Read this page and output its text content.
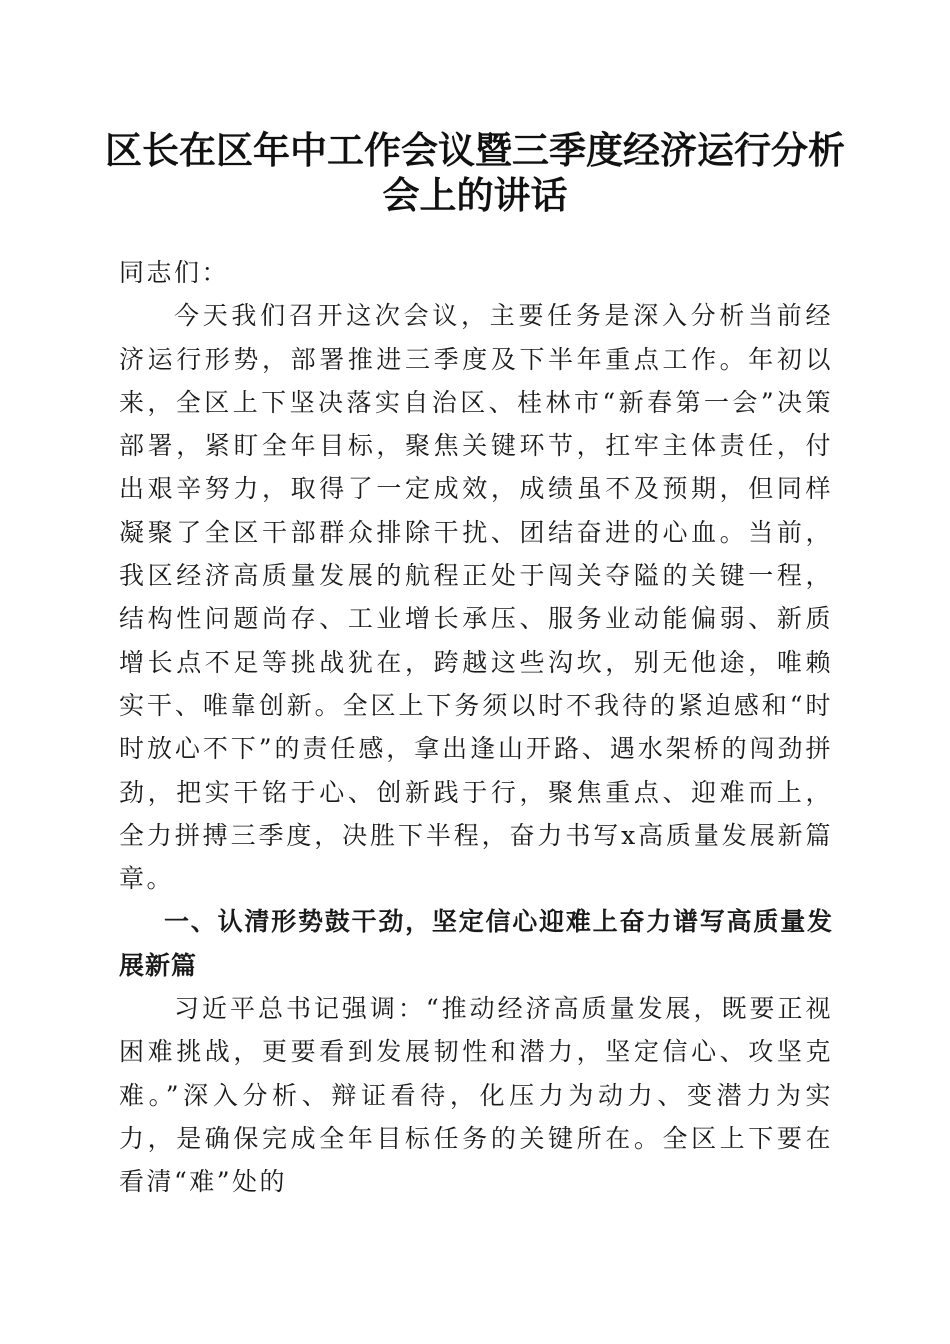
区长在区年中工作会议暨三季度经济运行分析
会上的讲话

同志们：

今天我们召开这次会议，主要任务是深入分析当前经济运行形势，部署推进三季度及下半年重点工作。年初以来，全区上下坚决落实自治区、桂林市“新春第一会”决策部署，紧盯全年目标，聚焦关键环节，扛牢主体责任，付出艰辛努力，取得了一定成效，成绩虽不及预期，但同样凝聚了全区干部群众排除干扰、团结奋进的心血。当前，我区经济高质量发展的航程正处于闯关夺隘的关键一程，结构性问题尚存、工业增长承压、服务业动能偏弱、新质增长点不足等挑战犹在，跨越这些沟坎，别无他途，唯赖实干、唯靠创新。全区上下务须以时不我待的紧迫感和“时时放心不下”的责任感，拿出逢山开路、遇水架桥的闯劲拼劲，把实干铭于心、创新践于行，聚焦重点、迎难而上，全力拼搏三季度，决胜下半程，奋力书写x高质量发展新篇章。

一、认清形势鼓干劲，坚定信心迎难上奋力谱写高质量发展新篇

习近平总书记强调：“推动经济高质量发展，既要正视困难挑战，更要看到发展韧性和潜力，坚定信心、攻坚克难。”深入分析、辩证看待，化压力为动力、变潜力为实力，是确保完成全年目标任务的关键所在。全区上下要在看清“难”处的
